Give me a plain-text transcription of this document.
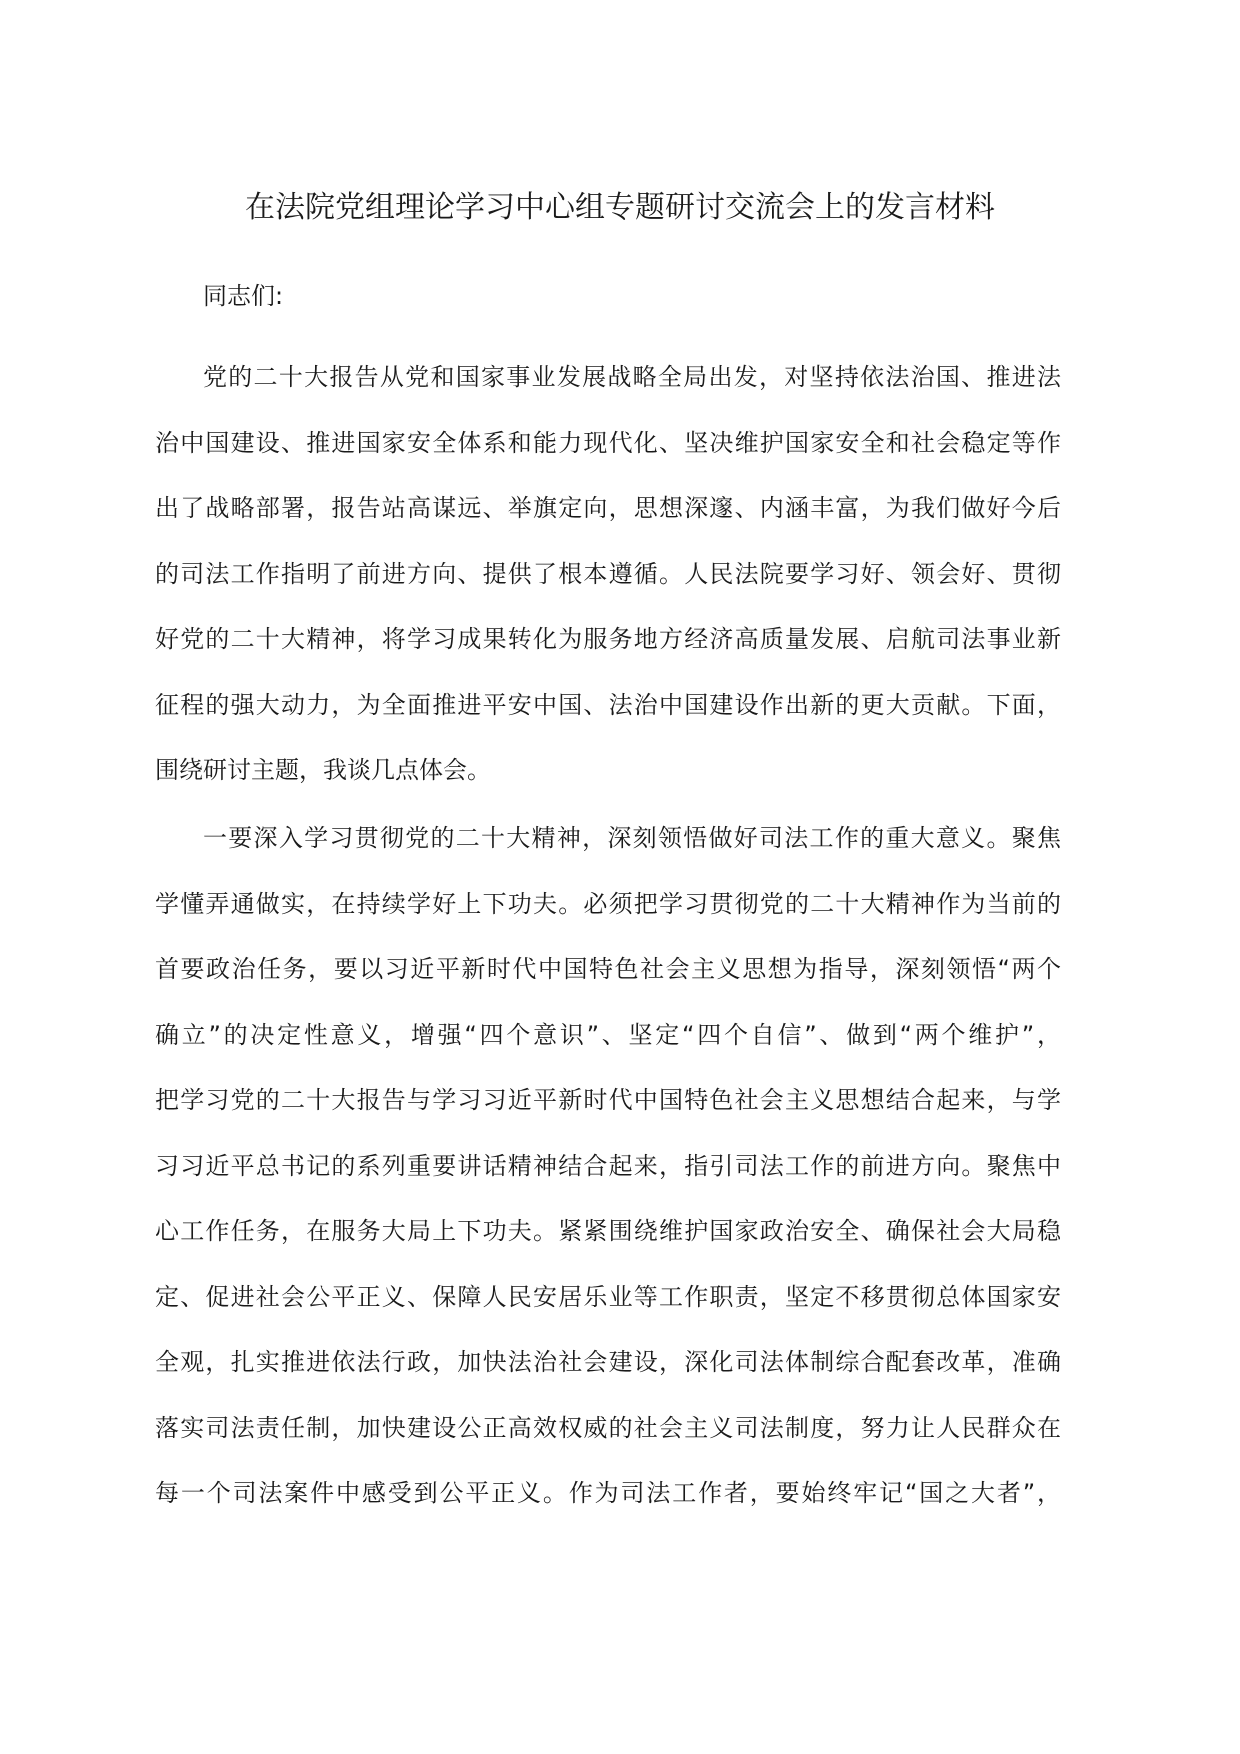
在法院党组理论学习中心组专题研讨交流会上的发言材料

同志们:

党的二十大报告从党和国家事业发展战略全局出发，对坚持依法治国、推进法
治中国建设、推进国家安全体系和能力现代化、坚决维护国家安全和社会稳定等作
出了战略部署，报告站高谋远、举旗定向，思想深邃、内涵丰富，为我们做好今后
的司法工作指明了前进方向、提供了根本遵循。人民法院要学习好、领会好、贯彻
好党的二十大精神，将学习成果转化为服务地方经济高质量发展、启航司法事业新
征程的强大动力，为全面推进平安中国、法治中国建设作出新的更大贡献。下面，
围绕研讨主题，我谈几点体会。
一要深入学习贯彻党的二十大精神，深刻领悟做好司法工作的重大意义。聚焦
学懂弄通做实，在持续学好上下功夫。必须把学习贯彻党的二十大精神作为当前的
首要政治任务，要以习近平新时代中国特色社会主义思想为指导，深刻领悟“两个
确立”的决定性意义，增强“四个意识”、坚定“四个自信”、做到“两个维护”，
把学习党的二十大报告与学习习近平新时代中国特色社会主义思想结合起来，与学
习习近平总书记的系列重要讲话精神结合起来，指引司法工作的前进方向。聚焦中
心工作任务，在服务大局上下功夫。紧紧围绕维护国家政治安全、确保社会大局稳
定、促进社会公平正义、保障人民安居乐业等工作职责，坚定不移贯彻总体国家安
全观，扎实推进依法行政，加快法治社会建设，深化司法体制综合配套改革，准确
落实司法责任制，加快建设公正高效权威的社会主义司法制度，努力让人民群众在
每一个司法案件中感受到公平正义。作为司法工作者，要始终牢记“国之大者”，
